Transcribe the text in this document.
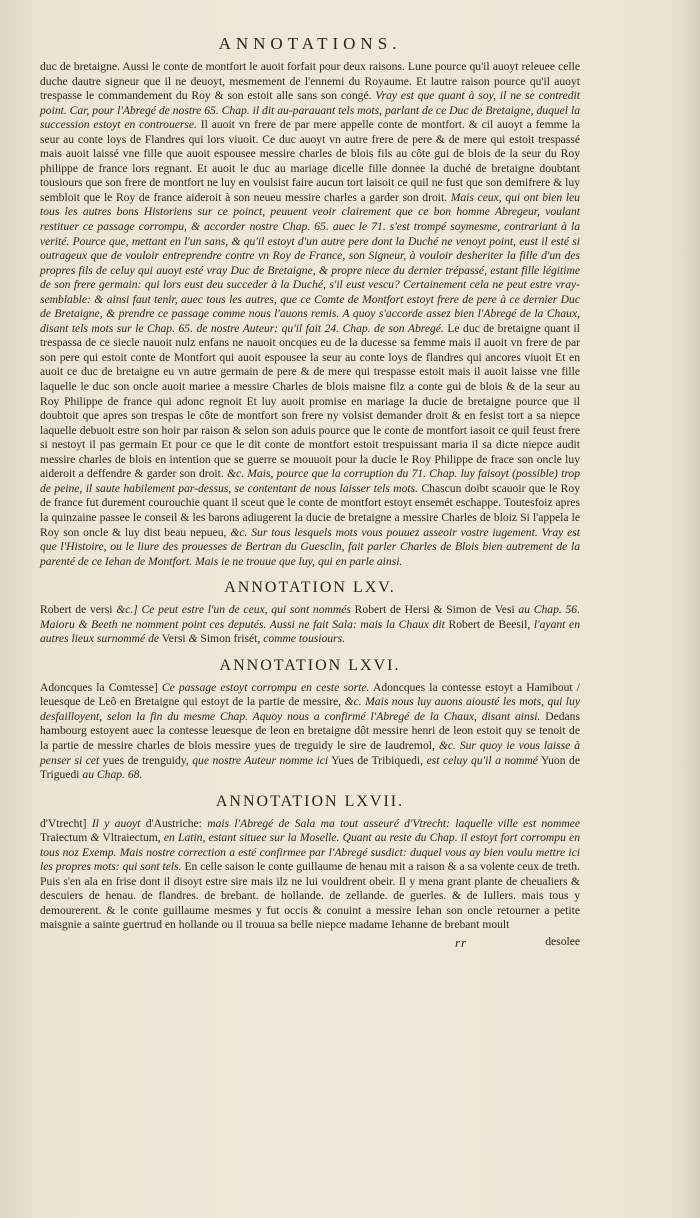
ANNOTATIONS.

duc de bretaigne. Aussi le conte de montfort le auoit forfait pour deux raisons. Lune pource qu'il auoyt releuee celle duche dautre signeur que il ne deuoyt, mesmement de l'ennemi du Royaume. Et lautre raison pource qu'il auoyt trespasse le commandement du Roy & son estoit alle sans son congé. Vray est que quant à soy, il ne se contredit point. Car, pour l'Abregé de nostre 65. Chap. il dit au-parauant tels mots, parlant de ce Duc de Bretaigne, duquel la succession estoyt en controuerse. Il auoit vn frere de par mere appelle conte de montfort. & cil auoyt a femme la seur au conte loys de Flandres qui lors viuoit. Ce duc auoyt vn autre frere de pere & de mere qui estoit trespassé mais auoit laissé vne fille que auoit espousee messire charles de blois fils au côte gui de blois de la seur du Roy philippe de france lors regnant. Et auoit le duc au mariage dicelle fille donnee la duché de bretaigne doubtant tousiours que son frere de montfort ne luy en voulsist faire aucun tort laisoit ce quil ne fust que son demifrere & luy sembloit que le Roy de france aideroit à son neueu messire charles a garder son droit. Mais ceux, qui ont bien leu tous les autres bons Historiens sur ce poinct, peuuent veoir clairement que ce bon homme Abregeur, voulant restituer ce passage corrompu, & accorder nostre Chap. 65. auec le 71. s'est trompé soymesme, contrariant à la verité. Pource que, mettant en l'un sans, & qu'il estoyt d'un autre pere dont la Duché ne venoyt point, eust il esté si outrageux que de vouloir entreprendre contre vn Roy de France, son Signeur, à vouloir desheriter la fille d'un des propres fils de celuy qui auoyt esté vray Duc de Bretaigne, & propre niece du dernier trépassé, estant fille légitime de son frere germain: qui lors eust deu succeder à la Duché, s'il eust vescu? Certainement cela ne peut estre vray-semblable: & ainsi faut tenir, auec tous les autres, que ce Comte de Montfort estoyt frere de pere à ce dernier Duc de Bretaigne, & prendre ce passage comme nous l'auons remis. A quoy s'accorde assez bien l'Abregé de la Chaux, disant tels mots sur le Chap. 65. de nostre Auteur: qu'il fait 24. Chap. de son Abregé. Le duc de bretaigne quant il trespassa de ce siecle nauoit nulz enfans ne nauoit oncques eu de la ducesse sa femme mais il auoit vn frere de par son pere qui estoit conte de Montfort qui auoit espousee la seur au conte loys de flandres qui ancores viuoit Et en auoit ce duc de bretaigne eu vn autre germain de pere & de mere qui trespasse estoit mais il auoit laisse vne fille laquelle le duc son oncle auoit mariee a messire Charles de blois maisne filz a conte gui de blois & de la seur au Roy Philippe de france qui adonc regnoit Et luy auoit promise en mariage la ducie de bretaigne pource que il doubtoit que apres son trespas le côte de montfort son frere ny volsist demander droit & en fesist tort a sa niepce laquelle debuoit estre son hoir par raison & selon son aduis pource que le conte de montfort iasoit ce quil feust frere si nestoyt il pas germain Et pour ce que le dit conte de montfort estoit trespuissant maria il sa dicte niepce audit messire charles de blois en intention que se guerre se mouuoit pour la ducie le Roy Philippe de frace son oncle luy aideroit a deffendre & garder son droit. &c. Mais, pource que la corruption du 71. Chap. luy faisoyt (possible) trop de peine, il saute habilement par-dessus, se contentant de nous laisser tels mots. Chascun doibt scauoir que le Roy de france fut durement courouchie quant il sceut que le conte de montfort estoyt ensemét eschappe. Toutesfoiz apres la quinzaine passee le conseil & les barons adiugerent la ducie de bretaigne a messire Charles de bloiz Si l'appela le Roy son oncle & luy dist beau nepueu, &c. Sur tous lesquels mots vous pouuez asseoir vostre iugement. Vray est que l'Histoire, ou le liure des prouesses de Bertran du Guesclin, fait parler Charles de Blois bien autrement de la parenté de ce Iehan de Montfort. Mais ie ne trouue que luy, qui en parle ainsi.

ANNOTATION LXV.

Robert de versi &c.] Ce peut estre l'un de ceux, qui sont nommés Robert de Hersi & Simon de Vesi au Chap. 56. Maioru & Beeth ne nomment point ces deputés. Aussi ne fait Sala: mais la Chaux dit Robert de Beesil, l'ayant en autres lieux surnommé de Versi & Simon frisét, comme tousiours.

ANNOTATION LXVI.

Adoncques la Comtesse] Ce passage estoyt corrompu en ceste sorte. Adoncques la contesse estoyt a Hamibout / leuesque de Leô en Bretaigne qui estoyt de la partie de messire, &c. Mais nous luy auons aiousté les mots, qui luy desfailloyent, selon la fin du mesme Chap. Aquoy nous a confirmé l'Abregé de la Chaux, disant ainsi. Dedans hambourg estoyent auec la contesse leuesque de leon en bretaigne dôt messire henri de leon estoit quy se tenoit de la partie de messire charles de blois messire yues de treguidy le sire de laudremol, &c. Sur quoy ie vous laisse à penser si cet yues de trenguidy, que nostre Auteur nomme ici Yues de Tribiquedi, est celuy qu'il a nommé Yuon de Triguedi au Chap. 68.

ANNOTATION LXVII.

d'Vtrecht] Il y auoyt d'Austriche: mais l'Abregé de Sala ma tout asseuré d'Vtrecht: laquelle ville est nommee Traiectum & Vltraiectum, en Latin, estant situee sur la Moselle. Quant au reste du Chap. il estoyt fort corrompu en tous noz Exemp. Mais nostre correction a esté confirmee par l'Abregé susdict: duquel vous ay bien voulu mettre ici les propres mots: qui sont tels. En celle saison le conte guillaume de henau mit a raison & a sa volente ceux de treth. Puis s'en ala en frise dont il disoyt estre sire mais ilz ne lui vouldrent obeir. Il y mena grant plante de cheualiers & descuiers de henau. de flandres. de brebant. de hollande. de zellande. de guerles. & de Iullers. mais tous y demourerent. & le conte guillaume mesmes y fut occis & conuint a messire Iehan son oncle retourner a petite maisgnie a sainte guertrud en hollande ou il trouua sa belle niepce madame Iehanne de brebant moult

rr	desolee
